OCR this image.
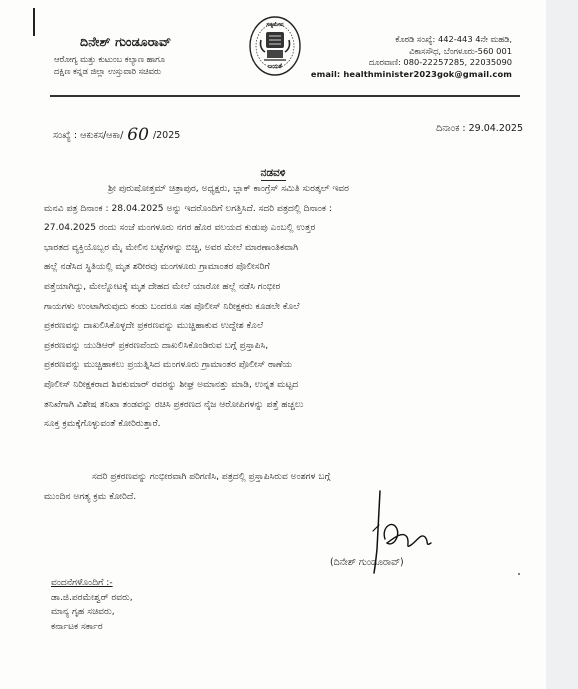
ದಿನೇಶ್ ಗುಂಡೂರಾವ್
ಆರೋಗ್ಯ ಮತ್ತು ಕುಟುಂಬ ಕಲ್ಯಾಣ ಹಾಗೂ
ದಕ್ಷಿಣ ಕನ್ನಡ ಜಿಲ್ಲಾ ಉಸ್ತುವಾರಿ ಸಚಿವರು
ಸತ್ಯಮೇವ
ಜಯತೆ
ಕೊಠಡಿ ಸಂಖ್ಯೆ: 442-443 4ನೇ ಮಹಡಿ,
ವಿಕಾಸಸೌಧ, ಬೆಂಗಳೂರು-560 001
ದೂರವಾಣಿ: 080-22257285, 22035090
email: healthminister2023gok@gmail.com
ಸಂಖ್ಯೆ : ಆಕುಕಸ/ಆಕಾ/ 60 /2025
ದಿನಾಂಕ : 29.04.2025
ನಡವಳಿ
ಶ್ರೀ ಪುರುಷೋತ್ತಮ್ ಚಿತ್ರಾಪುರ, ಅಧ್ಯಕ್ಷರು, ಬ್ಲಾಕ್ ಕಾಂಗ್ರೆಸ್ ಸಮಿತಿ ಸುರತ್ಕಲ್ ಇವರ
ಮನವಿ ಪತ್ರ ದಿನಾಂಕ : 28.04.2025 ಅನ್ನು ಇದರೊಂದಿಗೆ ಲಗತ್ತಿಸಿದೆ. ಸದರಿ ಪತ್ರದಲ್ಲಿ ದಿನಾಂಕ :
27.04.2025 ರಂದು ಸಂಜೆ ಮಂಗಳೂರು ನಗರ ಹೊರ ವಲಯದ ಕುಡುಪು ಎಂಬಲ್ಲಿ ಉತ್ತರ
ಭಾರತದ ವ್ಯಕ್ತಿಯೊಬ್ಬರ ಮೈ ಮೇಲಿನ ಬಟ್ಟೆಗಳನ್ನು ಬಿಚ್ಚಿ, ಅವರ ಮೇಲೆ ಮಾರಣಾಂತಿಕವಾಗಿ
ಹಲ್ಲೆ ನಡೆಸಿದ ಸ್ಥಿತಿಯಲ್ಲಿ ಮೃತ ಶರೀರವು ಮಂಗಳೂರು ಗ್ರಾಮಾಂತರ ಪೊಲೀಸರಿಗೆ
ಪತ್ತೆಯಾಗಿದ್ದು, ಮೇಲ್ನೋಟಕ್ಕೆ ಮೃತ ದೇಹದ ಮೇಲೆ ಯಾರೋ ಹಲ್ಲೆ ನಡೆಸಿ ಗಂಭೀರ
ಗಾಯಗಳು ಉಂಟಾಗಿರುವುದು ಕಂಡು ಬಂದರೂ ಸಹ ಪೊಲೀಸ್ ನಿರೀಕ್ಷಕರು ಕೂಡಲೇ ಕೊಲೆ
ಪ್ರಕರಣವನ್ನು ದಾಖಲಿಸಿಕೊಳ್ಳದೇ ಪ್ರಕರಣವನ್ನು ಮುಚ್ಚಿಹಾಕುವ ಉದ್ದೇಶ ಕೊಲೆ
ಪ್ರಕರಣವನ್ನು ಯುಡಿಆರ್ ಪ್ರಕರಣವೆಂದು ದಾಖಲಿಸಿಕೊಂಡಿರುವ ಬಗ್ಗೆ ಪ್ರಸ್ತಾಪಿಸಿ,
ಪ್ರಕರಣವನ್ನು ಮುಚ್ಚಿಹಾಕಲು ಪ್ರಯತ್ನಿಸಿದ ಮಂಗಳೂರು ಗ್ರಾಮಾಂತರ ಪೊಲೀಸ್ ಠಾಣೆಯ
ಪೊಲೀಸ್ ನಿರೀಕ್ಷಕರಾದ ಶಿವಕುಮಾರ್ ರವರನ್ನು ಶೀಘ್ರ ಅಮಾನತ್ತು ಮಾಡಿ, ಉನ್ನತ ಮಟ್ಟದ
ತನಿಖೆಗಾಗಿ ವಿಶೇಷ ತನಿಖಾ ತಂಡವನ್ನು ರಚಿಸಿ ಪ್ರಕರಣದ ನೈಜ ಆರೋಪಿಗಳನ್ನು ಪತ್ತೆ ಹಚ್ಚಲು
ಸೂಕ್ತ ಕ್ರಮಕ್ಕೆಗೊಳ್ಳುವಂತೆ ಕೋರಿರುತ್ತಾರೆ.
ಸದರಿ ಪ್ರಕರಣವನ್ನು ಗಂಭೀರವಾಗಿ ಪರಿಗಣಿಸಿ, ಪತ್ರದಲ್ಲಿ ಪ್ರಸ್ತಾಪಿಸಿರುವ ಅಂಶಗಳ ಬಗ್ಗೆ
ಮುಂದಿನ ಅಗತ್ಯ ಕ್ರಮ ಕೋರಿದೆ.
(ದಿನೇಶ್ ಗುಂಡೂರಾವ್)
ವಂದನೆಗಳೊಂದಿಗೆ :-
ಡಾ.ಜಿ.ಪರಮೇಶ್ವರ್ ರವರು,
ಮಾನ್ಯ ಗೃಹ ಸಚಿವರು,
ಕರ್ನಾಟಕ ಸರ್ಕಾರ
